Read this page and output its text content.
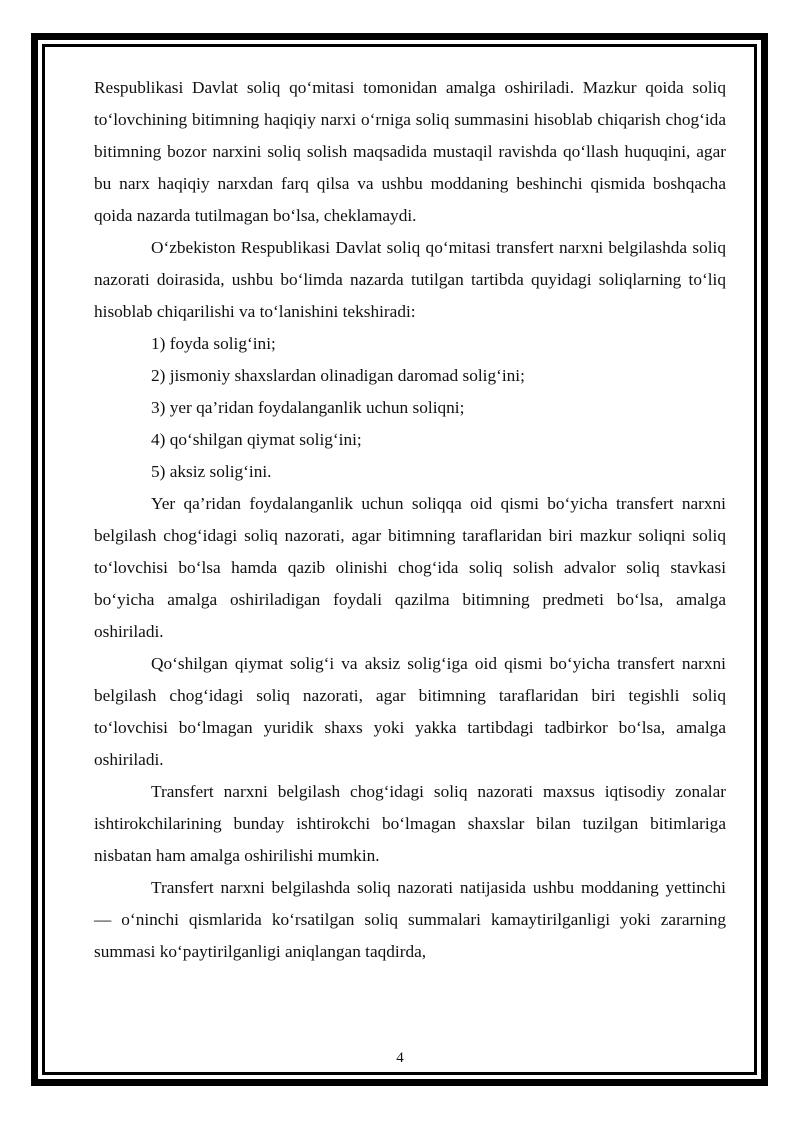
Respublikasi Davlat soliq qo‘mitasi tomonidan amalga oshiriladi. Mazkur qoida soliq to‘lovchining bitimning haqiqiy narxi o‘rniga soliq summasini hisoblab chiqarish chog‘ida bitimning bozor narxini soliq solish maqsadida mustaqil ravishda qo‘llash huquqini, agar bu narx haqiqiy narxdan farq qilsa va ushbu moddaning beshinchi qismida boshqacha qoida nazarda tutilmagan bo‘lsa, cheklamaydi.

O‘zbekiston Respublikasi Davlat soliq qo‘mitasi transfert narxni belgilashda soliq nazorati doirasida, ushbu bo‘limda nazarda tutilgan tartibda quyidagi soliqlarning to‘liq hisoblab chiqarilishi va to‘lanishini tekshiradi:

1) foyda solig‘ini;

2) jismoniy shaxslardan olinadigan daromad solig‘ini;

3) yer qa’ridan foydalanganlik uchun soliqni;

4) qo‘shilgan qiymat solig‘ini;

5) aksiz solig‘ini.

Yer qa’ridan foydalanganlik uchun soliqqa oid qismi bo‘yicha transfert narxni belgilash chog‘idagi soliq nazorati, agar bitimning taraflaridan biri mazkur soliqni soliq to‘lovchisi bo‘lsa hamda qazib olinishi chog‘ida soliq solish advalor soliq stavkasi bo‘yicha amalga oshiriladigan foydali qazilma bitimning predmeti bo‘lsa, amalga oshiriladi.

Qo‘shilgan qiymat solig‘i va aksiz solig‘iga oid qismi bo‘yicha transfert narxni belgilash chog‘idagi soliq nazorati, agar bitimning taraflaridan biri tegishli soliq to‘lovchisi bo‘lmagan yuridik shaxs yoki yakka tartibdagi tadbirkor bo‘lsa, amalga oshiriladi.

Transfert narxni belgilash chog‘idagi soliq nazorati maxsus iqtisodiy zonalar ishtirokchilarining bunday ishtirokchi bo‘lmagan shaxslar bilan tuzilgan bitimlariga nisbatan ham amalga oshirilishi mumkin.

Transfert narxni belgilashda soliq nazorati natijasida ushbu moddaning yettinchi — o‘ninchi qismlarida ko‘rsatilgan soliq summalari kamaytirilganligi yoki zararning summasi ko‘paytirilganligi aniqlangan taqdirda,

4
